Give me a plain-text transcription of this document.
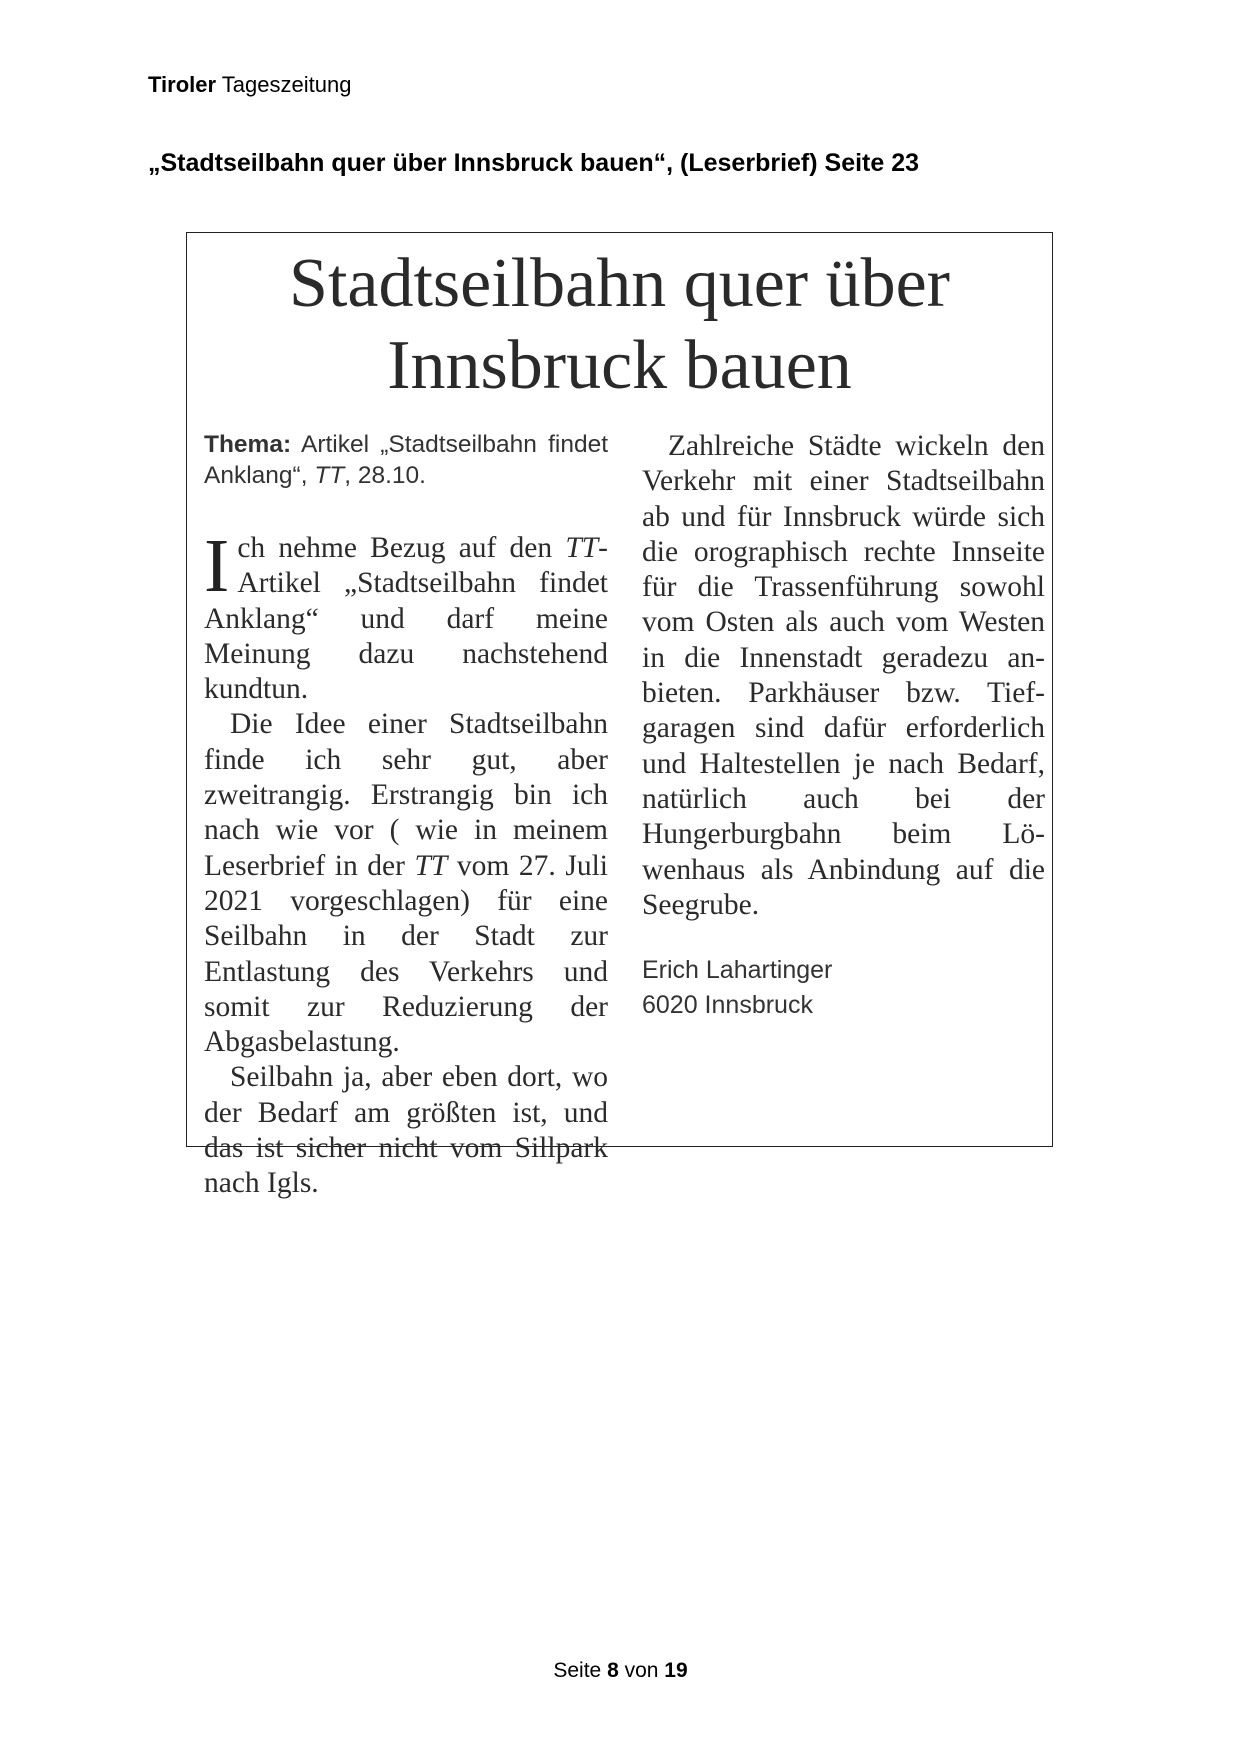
Tiroler Tageszeitung
„Stadtseilbahn quer über Innsbruck bauen“, (Leserbrief) Seite 23
Stadtseilbahn quer über
Innsbruck bauen
Thema: Artikel „Stadtseilbahn findet Anklang“, TT, 28.10.

Ich nehme Bezug auf den TT-Artikel „Stadtseilbahn findet Anklang“ und darf meine Meinung dazu nachstehend kundtun.

Die Idee einer Stadtseilbahn finde ich sehr gut, aber zweitrangig. Erstrangig bin ich nach wie vor ( wie in meinem Leserbrief in der TT vom 27. Juli 2021 vorgeschlagen) für eine Seilbahn in der Stadt zur Entlastung des Verkehrs und somit zur Reduzierung der Abgasbelastung.

Seilbahn ja, aber eben dort, wo der Bedarf am größten ist, und das ist sicher nicht vom Sillpark nach Igls.

Zahlreiche Städte wickeln den Verkehr mit einer Stadtseilbahn ab und für Innsbruck würde sich die orographisch rechte Innseite für die Trassenführung sowohl vom Osten als auch vom Westen in die Innenstadt geradezu anbieten. Parkhäuser bzw. Tiefgaragen sind dafür erforderlich und Haltestellen je nach Bedarf, natürlich auch bei der Hungerburgbahn beim Löwenhaus als Anbindung auf die Seegrube.

Erich Lahartinger
6020 Innsbruck
Seite 8 von 19
